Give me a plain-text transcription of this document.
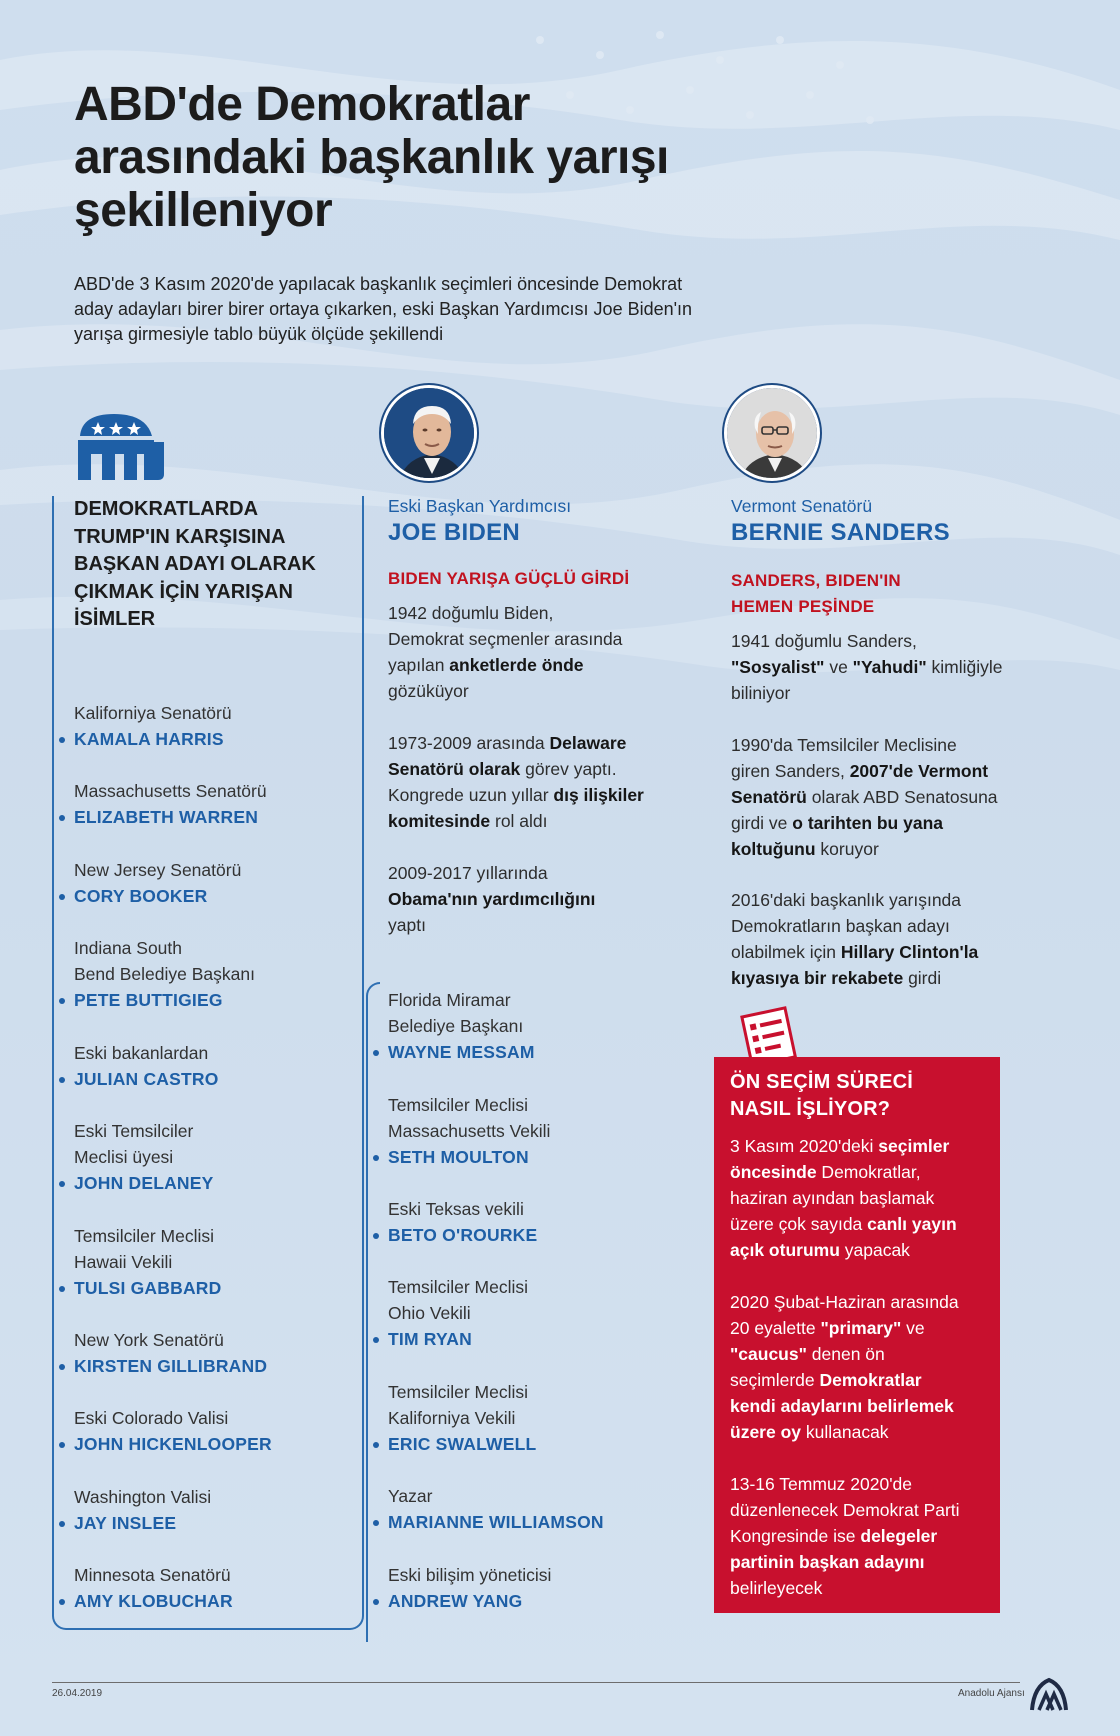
ABD'de Demokratlar
arasındaki başkanlık yarışı
şekilleniyor
ABD'de 3 Kasım 2020'de yapılacak başkanlık seçimleri öncesinde Demokrat
aday adayları birer birer ortaya çıkarken, eski Başkan Yardımcısı Joe Biden'ın
yarışa girmesiyle tablo büyük ölçüde şekillendi
DEMOKRATLARDA
TRUMP'IN KARŞISINA
BAŞKAN ADAYI OLARAK
ÇIKMAK İÇİN YARIŞAN
İSİMLER
Kaliforniya Senatörü
KAMALA HARRIS
Massachusetts Senatörü
ELIZABETH WARREN
New Jersey Senatörü
CORY BOOKER
Indiana South
Bend Belediye Başkanı
PETE BUTTIGIEG
Eski bakanlardan
JULIAN CASTRO
Eski Temsilciler
Meclisi üyesi
JOHN DELANEY
Temsilciler Meclisi
Hawaii Vekili
TULSI GABBARD
New York Senatörü
KIRSTEN GILLIBRAND
Eski Colorado Valisi
JOHN HICKENLOOPER
Washington Valisi
JAY INSLEE
Minnesota Senatörü
AMY KLOBUCHAR
Eski Başkan Yardımcısı
JOE BIDEN
BIDEN YARIŞA GÜÇLÜ GİRDİ
1942 doğumlu Biden,
Demokrat seçmenler arasında
yapılan anketlerde önde
gözüküyor
1973-2009 arasında Delaware
Senatörü olarak görev yaptı.
Kongrede uzun yıllar dış ilişkiler
komitesinde rol aldı
2009-2017 yıllarında
Obama'nın yardımcılığını
yaptı
Florida Miramar
Belediye Başkanı
WAYNE MESSAM
Temsilciler Meclisi
Massachusetts Vekili
SETH MOULTON
Eski Teksas vekili
BETO O'ROURKE
Temsilciler Meclisi
Ohio Vekili
TIM RYAN
Temsilciler Meclisi
Kaliforniya Vekili
ERIC SWALWELL
Yazar
MARIANNE WILLIAMSON
Eski bilişim yöneticisi
ANDREW YANG
Vermont Senatörü
BERNIE SANDERS
SANDERS, BIDEN'IN
HEMEN PEŞİNDE
1941 doğumlu Sanders,
"Sosyalist" ve "Yahudi" kimliğiyle
biliniyor
1990'da Temsilciler Meclisine
giren Sanders, 2007'de Vermont
Senatörü olarak ABD Senatosuna
girdi ve o tarihten bu yana
koltuğunu koruyor
2016'daki başkanlık yarışında
Demokratların başkan adayı
olabilmek için Hillary Clinton'la
kıyasıya bir rekabete girdi
ÖN SEÇİM SÜRECİ
NASIL İŞLİYOR?
3 Kasım 2020'deki seçimler
öncesinde Demokratlar,
haziran ayından başlamak
üzere çok sayıda canlı yayın
açık oturumu yapacak
2020 Şubat-Haziran arasında
20 eyalette "primary" ve
"caucus" denen ön
seçimlerde Demokratlar
kendi adaylarını belirlemek
üzere oy kullanacak
13-16 Temmuz 2020'de
düzenlenecek Demokrat Parti
Kongresinde ise delegeler
partinin başkan adayını
belirleyecek
26.04.2019	Anadolu Ajansı
